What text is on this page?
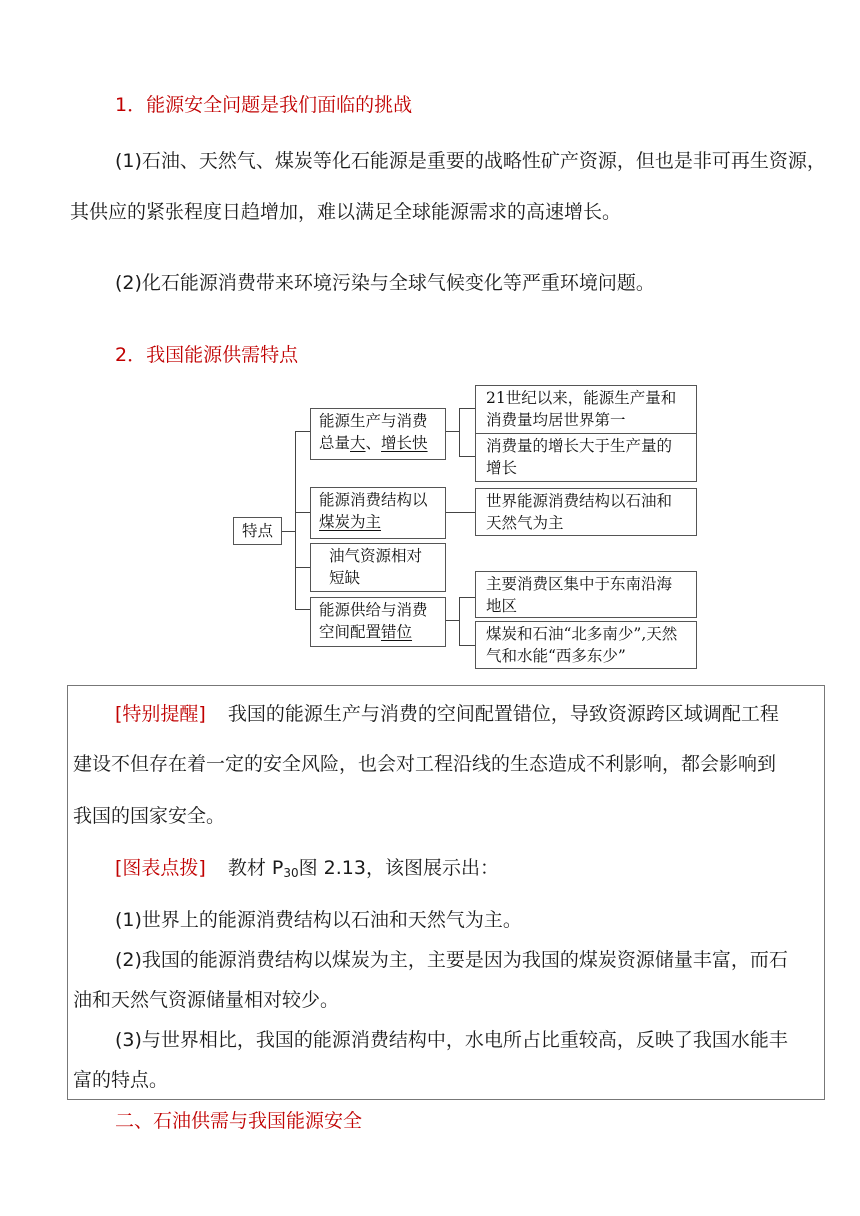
1．能源安全问题是我们面临的挑战
(1)石油、天然气、煤炭等化石能源是重要的战略性矿产资源，但也是非可再生资源，其供应的紧张程度日趋增加，难以满足全球能源需求的高速增长。
(2)化石能源消费带来环境污染与全球气候变化等严重环境问题。
2．我国能源供需特点
特点
能源生产与消费
总量大、增长快
21世纪以来，能源生产量和消费量均居世界第一
消费量的增长大于生产量的增长
能源消费结构以
煤炭为主
世界能源消费结构以石油和天然气为主
油气资源相对短缺
能源供给与消费
空间配置错位
主要消费区集中于东南沿海地区
煤炭和石油“北多南少”,天然气和水能“西多东少”
[特别提醒] 我国的能源生产与消费的空间配置错位，导致资源跨区域调配工程
建设不但存在着一定的安全风险，也会对工程沿线的生态造成不利影响，都会影响到
我国的国家安全。
[图表点拨] 教材 $P_{30}$图 2.13，该图展示出：
(1)世界上的能源消费结构以石油和天然气为主。
(2)我国的能源消费结构以煤炭为主，主要是因为我国的煤炭资源储量丰富，而石
油和天然气资源储量相对较少。
(3)与世界相比，我国的能源消费结构中，水电所占比重较高，反映了我国水能丰
富的特点。
二、石油供需与我国能源安全
